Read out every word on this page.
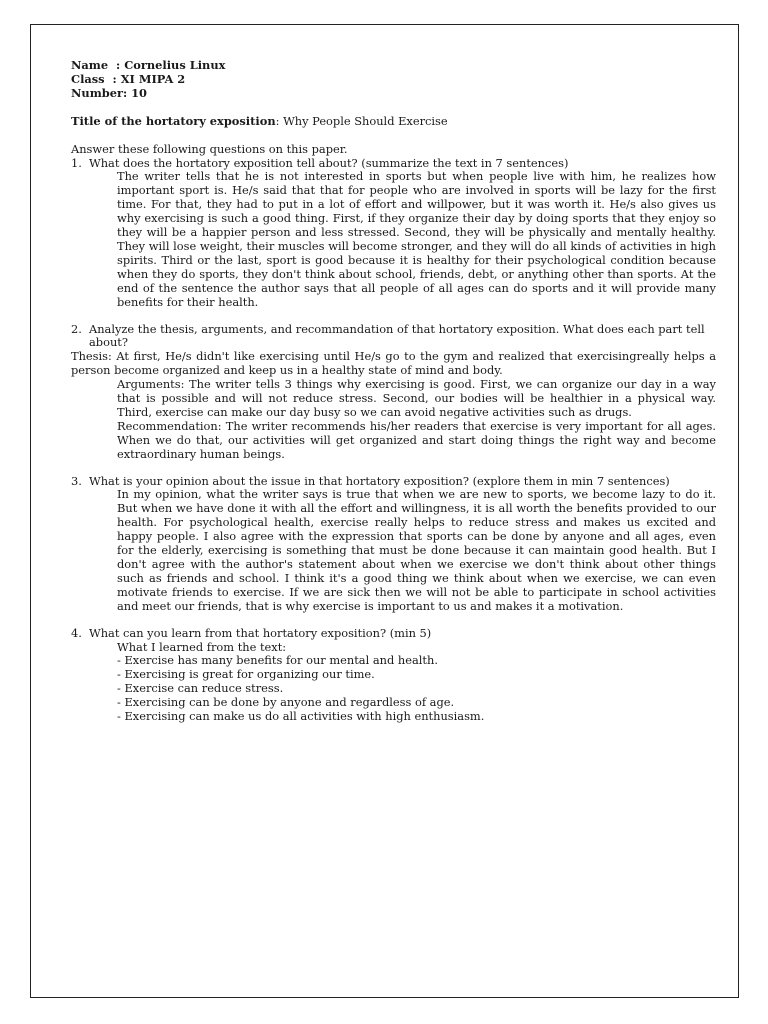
Name  : Cornelius Linux
Class  : XI MIPA 2
Number: 10
Title of the hortatory exposition: Why People Should Exercise
Answer these following questions on this paper.
1. What does the hortatory exposition tell about? (summarize the text in 7 sentences)
The writer tells that he is not interested in sports but when people live with him, he realizes how important sport is. He/s said that that for people who are involved in sports will be lazy for the first time. For that, they had to put in a lot of effort and willpower, but it was worth it. He/s also gives us why exercising is such a good thing. First, if they organize their day by doing sports that they enjoy so they will be a happier person and less stressed. Second, they will be physically and mentally healthy. They will lose weight, their muscles will become stronger, and they will do all kinds of activities in high spirits. Third or the last, sport is good because it is healthy for their psychological condition because when they do sports, they don't think about school, friends, debt, or anything other than sports. At the end of the sentence the author says that all people of all ages can do sports and it will provide many benefits for their health.
2. Analyze the thesis, arguments, and recommandation of that hortatory exposition. What does each part tell about?
Thesis: At first, He/s didn't like exercising until He/s go to the gym and realized that exercisingreally helps a person become organized and keep us in a healthy state of mind and body.
Arguments: The writer tells 3 things why exercising is good. First, we can organize our day in a way that is possible and will not reduce stress. Second, our bodies will be healthier in a physical way. Third, exercise can make our day busy so we can avoid negative activities such as drugs.
Recommendation: The writer recommends his/her readers that exercise is very important for all ages. When we do that, our activities will get organized and start doing things the right way and become extraordinary human beings.
3. What is your opinion about the issue in that hortatory exposition? (explore them in min 7 sentences)
In my opinion, what the writer says is true that when we are new to sports, we become lazy to do it. But when we have done it with all the effort and willingness, it is all worth the benefits provided to our health. For psychological health, exercise really helps to reduce stress and makes us excited and happy people. I also agree with the expression that sports can be done by anyone and all ages, even for the elderly, exercising is something that must be done because it can maintain good health. But I don't agree with the author's statement about when we exercise we don't think about other things such as friends and school. I think it's a good thing we think about when we exercise, we can even motivate friends to exercise. If we are sick then we will not be able to participate in school activities and meet our friends, that is why exercise is important to us and makes it a motivation.
4. What can you learn from that hortatory exposition? (min 5)
What I learned from the text:
- Exercise has many benefits for our mental and health.
- Exercising is great for organizing our time.
- Exercise can reduce stress.
- Exercising can be done by anyone and regardless of age.
- Exercising can make us do all activities with high enthusiasm.
